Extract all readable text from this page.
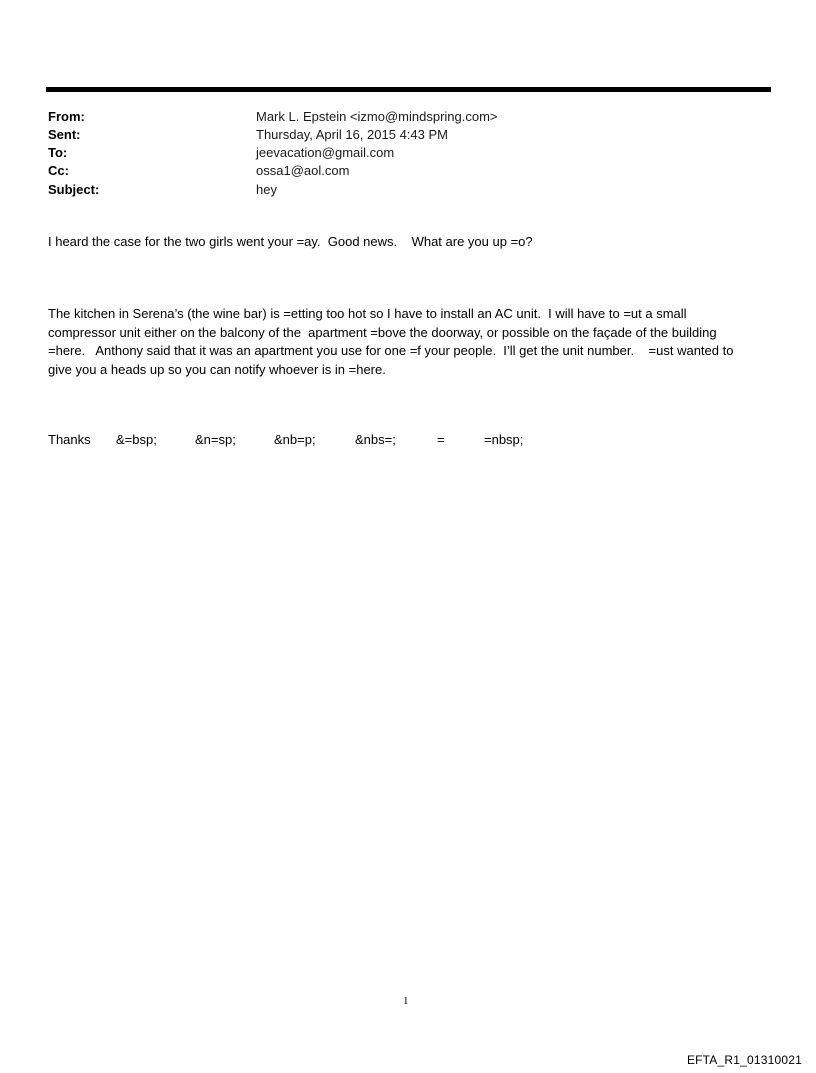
From:	Mark L. Epstein <izmo@mindspring.com>
Sent:	Thursday, April 16, 2015 4:43 PM
To:	jeevacation@gmail.com
Cc:	ossa1@aol.com
Subject:	hey
I heard the case for the two girls went your =ay.  Good news.    What are you up =o?
The kitchen in Serena’s (the wine bar) is =etting too hot so I have to install an AC unit.  I will have to =ut a small
compressor unit either on the balcony of the  apartment =bove the doorway, or possible on the façade of the building
=here.   Anthony said that it was an apartment you use for one =f your people.  I’ll get the unit number.    =ust wanted to
give you a heads up so you can notify whoever is in =here.
Thanks &=bsp;	&n=sp;	&nb=p;	&nbs=;	=	=nbsp;
1
EFTA_R1_01310021
